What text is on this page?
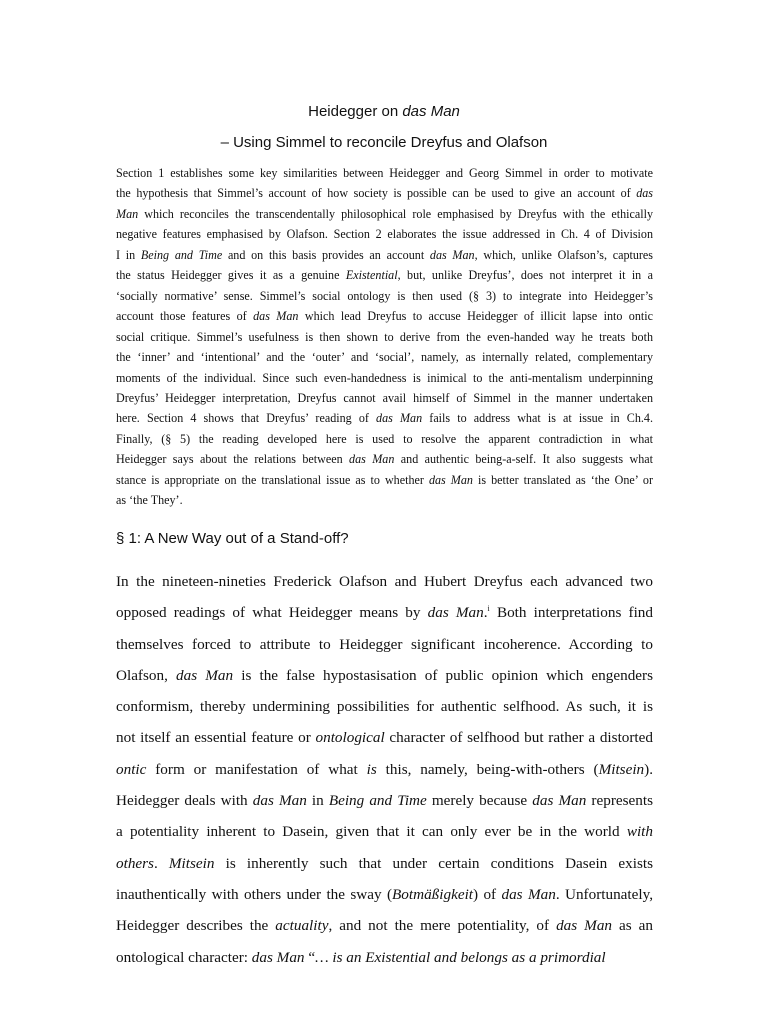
Heidegger on das Man
– Using Simmel to reconcile Dreyfus and Olafson
Section 1 establishes some key similarities between Heidegger and Georg Simmel in order to motivate
the hypothesis that Simmel’s account of how society is possible can be used to give an account of das
Man which reconciles the transcendentally philosophical role emphasised by Dreyfus with the ethically
negative features emphasised by Olafson. Section 2 elaborates the issue addressed in Ch. 4 of Division
I in Being and Time and on this basis provides an account das Man, which, unlike Olafson’s, captures
the status Heidegger gives it as a genuine Existential, but, unlike Dreyfus’, does not interpret it in a
‘socially normative’ sense. Simmel’s social ontology is then used (§ 3) to integrate into Heidegger’s
account those features of das Man which lead Dreyfus to accuse Heidegger of illicit lapse into ontic
social critique. Simmel’s usefulness is then shown to derive from the even-handed way he treats both
the ‘inner’ and ‘intentional’ and the ‘outer’ and ‘social’, namely, as internally related, complementary
moments of the individual. Since such even-handedness is inimical to the anti-mentalism underpinning
Dreyfus’ Heidegger interpretation, Dreyfus cannot avail himself of Simmel in the manner undertaken
here. Section 4 shows that Dreyfus’ reading of das Man fails to address what is at issue in Ch.4.
Finally, (§ 5) the reading developed here is used to resolve the apparent contradiction in what
Heidegger says about the relations between das Man and authentic being-a-self. It also suggests what
stance is appropriate on the translational issue as to whether das Man is better translated as ‘the One’ or
as ‘the They’.
§ 1: A New Way out of a Stand-off?
In the nineteen-nineties Frederick Olafson and Hubert Dreyfus each advanced two
opposed readings of what Heidegger means by das Man.$^i$ Both interpretations find
themselves forced to attribute to Heidegger significant incoherence. According to
Olafson, das Man is the false hypostasisation of public opinion which engenders
conformism, thereby undermining possibilities for authentic selfhood. As such, it is
not itself an essential feature or ontological character of selfhood but rather a distorted
ontic form or manifestation of what is this, namely, being-with-others (Mitsein).
Heidegger deals with das Man in Being and Time merely because das Man represents
a potentiality inherent to Dasein, given that it can only ever be in the world with
others. Mitsein is inherently such that under certain conditions Dasein exists
inauthentically with others under the sway (Botmäßigkeit) of das Man. Unfortunately,
Heidegger describes the actuality, and not the mere potentiality, of das Man as an
ontological character: das Man “… is an Existential and belongs as a primordial
